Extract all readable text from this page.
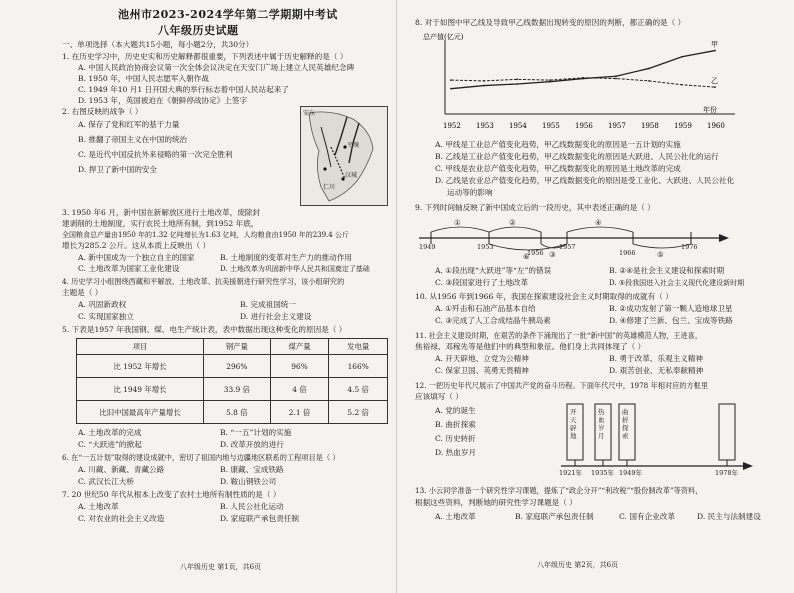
池州市2023-2024学年第二学期期中考试
八年级历史试题
一、单项选择（本大题共15小题，每小题2分，共30分）
1. 在历史学习中，历史史实和历史解释都很重要，下列表述中属于历史解释的是（ ）
A. 中国人民政治协商会议第一次全体会议决定在天安门广场上建立人民英雄纪念碑
B. 1950 年，中国人民志愿军入朝作战
C. 1949 年10 月1 日开国大典的举行标志着中国人民站起来了
D. 1953 年，英国被迫在《朝鲜停战协定》上签字
2. 右图反映的战争（ ）
A. 保存了党和红军的基干力量
B. 推翻了帝国主义在中国的统治
C. 是近代中国反抗外来侵略的第一次完全胜利
D. 捍卫了新中国的安全
安东
平壤
汉城
仁川
3. 1950 年6 月，新中国在新解放区进行土地改革，废除封
建剥削的土地制度，实行农民土地所有制，到1952 年底，
全国粮食总产量由1950 年的1.32 亿吨增长为1.63 亿吨，人均粮食由1950 年的239.4 公斤
增长为285.2 公斤。这从本质上反映出（ ）
A. 新中国成为一个独立自主的国家	B. 土地制度的变革对生产力的推动作用
C. 土地改革为国家工业化建设	D. 土地改革为巩固新中华人民共和国奠定了基础
4. 历史学习小组围绕西藏和平解放、土地改革、抗美援朝进行研究性学习，该小组研究的
主题是（ ）
A. 巩固新政权	B. 完成祖国统一
C. 实现国家独立	D. 进行社会主义建设
5. 下表是1957 年我国钢、煤、电生产统计表，表中数据出现这种变化的原因是（ ）
项目	钢产量	煤产量	发电量
比 1952 年增长	296%	96%	166%
比 1949 年增长	33.9 倍	4 倍	4.5 倍
比旧中国最高年产量增长	5.8 倍	2.1 倍	5.2 倍
A. 土地改革的完成	B. “一五”计划的实施
C. “大跃进”的掀起	D. 改革开放的进行
6. 在“一五计划”取得的建设成就中，密切了祖国内地与边疆地区联系的工程项目是（ ）
A. 川藏、新藏、青藏公路	B. 康藏、宝成铁路
C. 武汉长江大桥	D. 鞍山钢铁公司
7. 20 世纪50 年代从根本上改变了农村土地所有制性质的是（ ）
A. 土地改革	B. 人民公社化运动
C. 对农业的社会主义改造	D. 家庭联产承包责任制
八年级历史 第1页，共6页
8. 对于如图中甲乙线及导致甲乙线数据出现转变的原因的判断，都正确的是（ ）
总产值(亿元)
年份
1952 1953 1954 1955 1956 1957 1958 1959 1960
甲
乙
A. 甲线是工业总产值变化趋势，甲乙线数据变化的原因是一五计划的实施
B. 乙线是工业总产值变化趋势，甲乙线数据变化的原因是大跃进、人民公社化的运行
C. 甲线是农业总产值变化趋势，甲乙线数据变化的原因是土地改革的完成
D. 乙线是农业总产值变化趋势，甲乙线数据变化的原因是受工业化、大跃进、人民公社化
运动等的影响
9. 下列时间轴反映了新中国成立后的一段历史，其中表述正确的是（ ）
1949	1953
1956
1957
1966
1976
①	②
③
④
⑤
⑥
A. ①段出现“大跃进”等“左”的错误	B. ②④是社会主义建设和探索时期
C. ③段国家进行了土地改革	D. ⑤段我国进入社会主义现代化建设新时期
10. 从1956 年到1966 年，我国在探索建设社会主义时期取得的成就有（ ）
A. ①歼击和石油产品基本自给	B. ②成功发射了第一颗人造地球卫星
C. ③完成了人工合成结晶牛胰岛素	D. ④修建了兰新、包兰、宝成等铁路
11. 社会主义建设时期，在艰苦的条件下涌现出了一批“新中国”的英雄模范人物，王进喜，
焦裕禄、邓稼先等是他们中的典型和象征。他们身上共同体现了（ ）
A. 开天辟地、立党为公精神	B. 勇于改革、乐观主义精神
C. 保家卫国、英勇无畏精神	D. 艰苦创业、无私奉献精神
12. 一把历史年代尺展示了中国共产党的奋斗历程。下面年代尺中，1978 年相对应的方框里
应该填写（ ）
A. 党的诞生
B. 曲折探索
C. 历史转折
D. 热血岁月
开天辟地
热血岁月
曲折探索
1921年 1935年 1949年	1978年
13. 小云同学准备一个研究性学习课题，提炼了“政企分开”“利改税”“股份制改革”等资料，
根据这些资料，判断她的研究性学习课题是（ ）
A. 土地改革	B. 家庭联产承包责任制	C. 国有企业改革	D. 民主与法制建设
八年级历史 第2页，共6页
